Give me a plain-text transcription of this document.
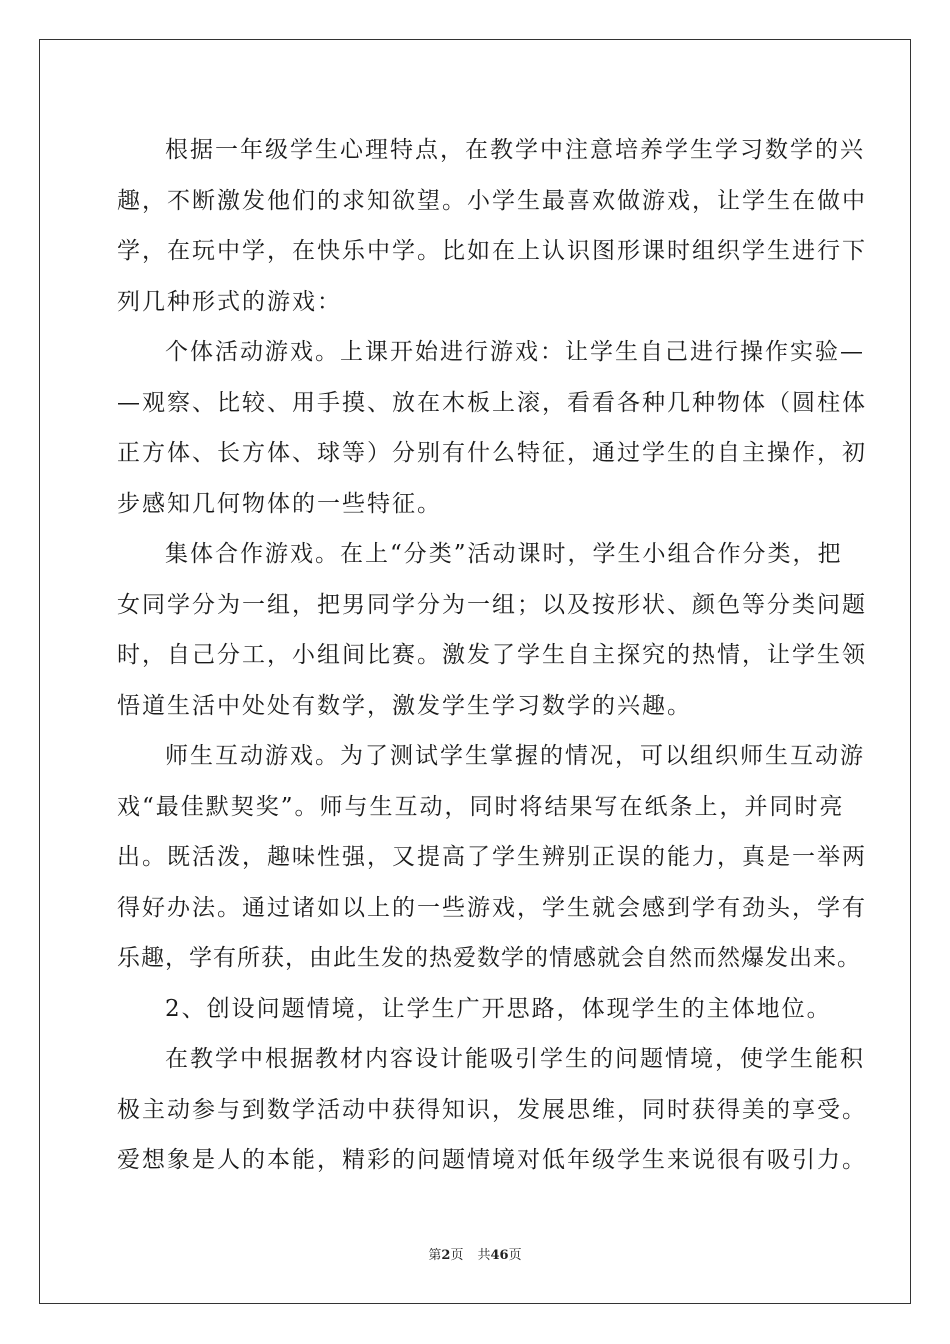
根据一年级学生心理特点，在教学中注意培养学生学习数学的兴
趣，不断激发他们的求知欲望。小学生最喜欢做游戏，让学生在做中
学，在玩中学，在快乐中学。比如在上认识图形课时组织学生进行下
列几种形式的游戏：
个体活动游戏。上课开始进行游戏：让学生自己进行操作实验—
—观察、比较、用手摸、放在木板上滚，看看各种几种物体（圆柱体
正方体、长方体、球等）分别有什么特征，通过学生的自主操作，初
步感知几何物体的一些特征。
集体合作游戏。在上“分类”活动课时，学生小组合作分类，把
女同学分为一组，把男同学分为一组；以及按形状、颜色等分类问题
时，自己分工，小组间比赛。激发了学生自主探究的热情，让学生领
悟道生活中处处有数学，激发学生学习数学的兴趣。
师生互动游戏。为了测试学生掌握的情况，可以组织师生互动游
戏“最佳默契奖”。师与生互动，同时将结果写在纸条上，并同时亮
出。既活泼，趣味性强，又提高了学生辨别正误的能力，真是一举两
得好办法。通过诸如以上的一些游戏，学生就会感到学有劲头，学有
乐趣，学有所获，由此生发的热爱数学的情感就会自然而然爆发出来。
2、创设问题情境，让学生广开思路，体现学生的主体地位。
在教学中根据教材内容设计能吸引学生的问题情境，使学生能积
极主动参与到数学活动中获得知识，发展思维，同时获得美的享受。
爱想象是人的本能，精彩的问题情境对低年级学生来说很有吸引力。
第2页 共46页
